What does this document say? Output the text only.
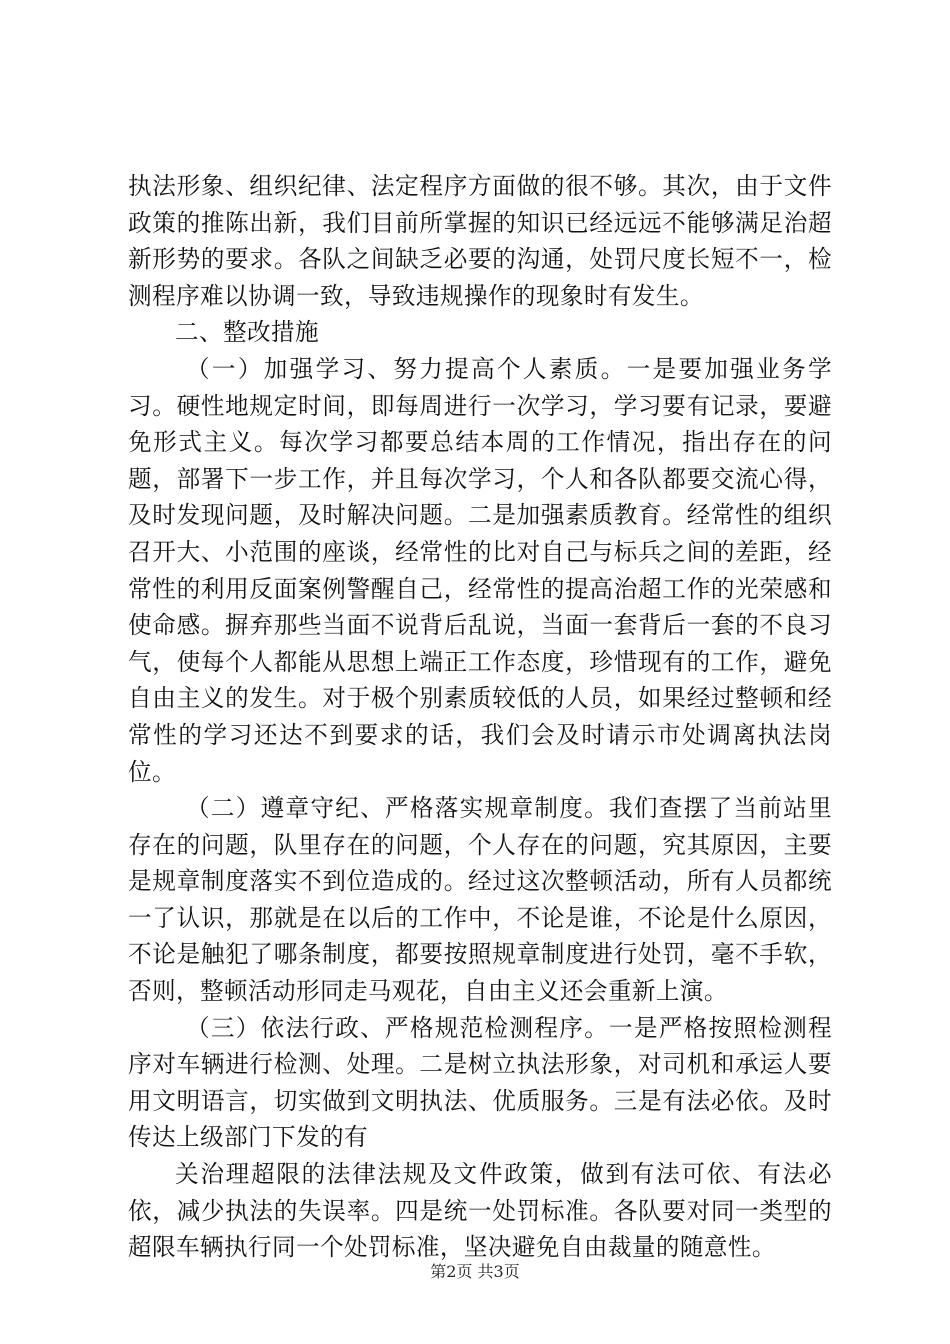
执法形象、组织纪律、法定程序方面做的很不够。其次，由于文件政策的推陈出新，我们目前所掌握的知识已经远远不能够满足治超新形势的要求。各队之间缺乏必要的沟通，处罚尺度长短不一，检测程序难以协调一致，导致违规操作的现象时有发生。

二、整改措施

（一）加强学习、努力提高个人素质。一是要加强业务学习。硬性地规定时间，即每周进行一次学习，学习要有记录，要避免形式主义。每次学习都要总结本周的工作情况，指出存在的问题，部署下一步工作，并且每次学习，个人和各队都要交流心得，及时发现问题，及时解决问题。二是加强素质教育。经常性的组织召开大、小范围的座谈，经常性的比对自己与标兵之间的差距，经常性的利用反面案例警醒自己，经常性的提高治超工作的光荣感和使命感。摒弃那些当面不说背后乱说，当面一套背后一套的不良习气，使每个人都能从思想上端正工作态度，珍惜现有的工作，避免自由主义的发生。对于极个别素质较低的人员，如果经过整顿和经常性的学习还达不到要求的话，我们会及时请示市处调离执法岗位。

（二）遵章守纪、严格落实规章制度。我们查摆了当前站里存在的问题，队里存在的问题，个人存在的问题，究其原因，主要是规章制度落实不到位造成的。经过这次整顿活动，所有人员都统一了认识，那就是在以后的工作中，不论是谁，不论是什么原因，不论是触犯了哪条制度，都要按照规章制度进行处罚，毫不手软，否则，整顿活动形同走马观花，自由主义还会重新上演。

（三）依法行政、严格规范检测程序。一是严格按照检测程序对车辆进行检测、处理。二是树立执法形象，对司机和承运人要用文明语言，切实做到文明执法、优质服务。三是有法必依。及时传达上级部门下发的有

关治理超限的法律法规及文件政策，做到有法可依、有法必依，减少执法的失误率。四是统一处罚标准。各队要对同一类型的超限车辆执行同一个处罚标准，坚决避免自由裁量的随意性。

第2页 共3页
